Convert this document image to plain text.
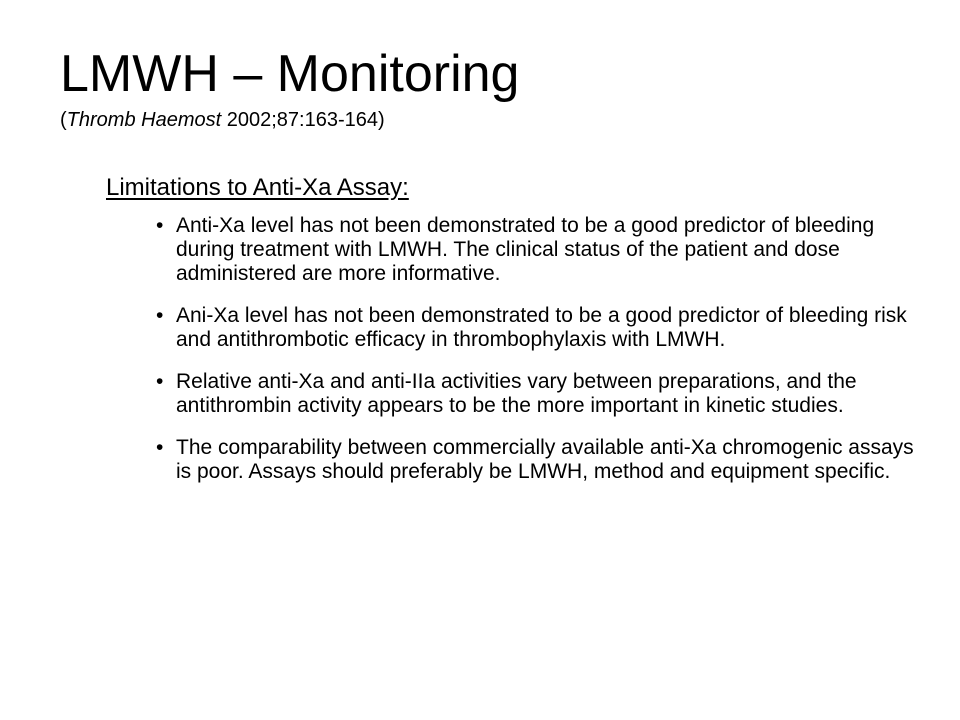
LMWH – Monitoring

(Thromb Haemost 2002;87:163-164)

Limitations to Anti-Xa Assay:
• Anti-Xa level has not been demonstrated to be a good predictor of bleeding during treatment with LMWH. The clinical status of the patient and dose administered are more informative.
• Ani-Xa level has not been demonstrated to be a good predictor of bleeding risk and antithrombotic efficacy in thrombophylaxis with LMWH.
• Relative anti-Xa and anti-IIa activities vary between preparations, and the antithrombin activity appears to be the more important in kinetic studies.
• The comparability between commercially available anti-Xa chromogenic assays is poor. Assays should preferably be LMWH, method and equipment specific.
